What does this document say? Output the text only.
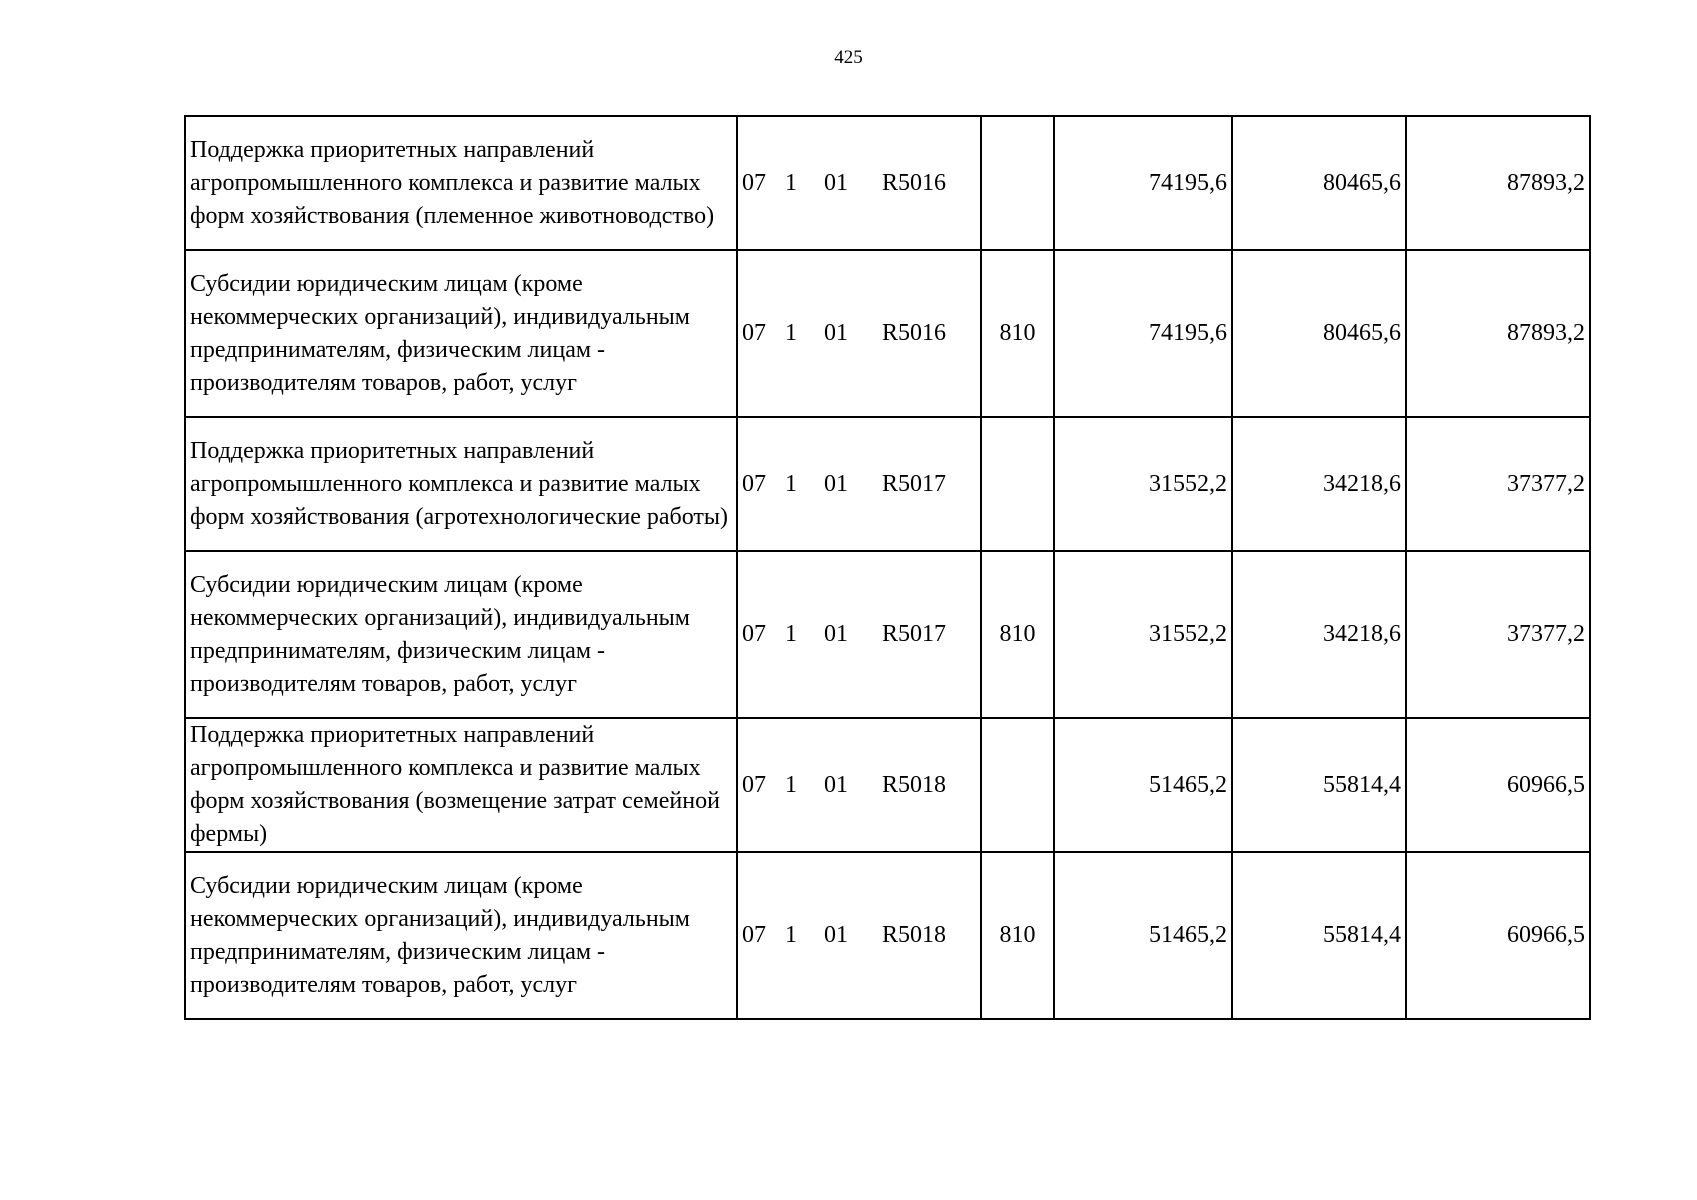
425
Поддержка приоритетных направлений агропромышленного комплекса и развитие малых форм хозяйствования (племенное животноводство)	07 1 01 R5016		74195,6	80465,6	87893,2
Субсидии юридическим лицам (кроме некоммерческих организаций), индивидуальным предпринимателям, физическим лицам - производителям товаров, работ, услуг	07 1 01 R5016	810	74195,6	80465,6	87893,2
Поддержка приоритетных направлений агропромышленного комплекса и развитие малых форм хозяйствования (агротехнологические работы)	07 1 01 R5017		31552,2	34218,6	37377,2
Субсидии юридическим лицам (кроме некоммерческих организаций), индивидуальным предпринимателям, физическим лицам - производителям товаров, работ, услуг	07 1 01 R5017	810	31552,2	34218,6	37377,2
Поддержка приоритетных направлений агропромышленного комплекса и развитие малых форм хозяйствования (возмещение затрат семейной фермы)	07 1 01 R5018		51465,2	55814,4	60966,5
Субсидии юридическим лицам (кроме некоммерческих организаций), индивидуальным предпринимателям, физическим лицам - производителям товаров, работ, услуг	07 1 01 R5018	810	51465,2	55814,4	60966,5
